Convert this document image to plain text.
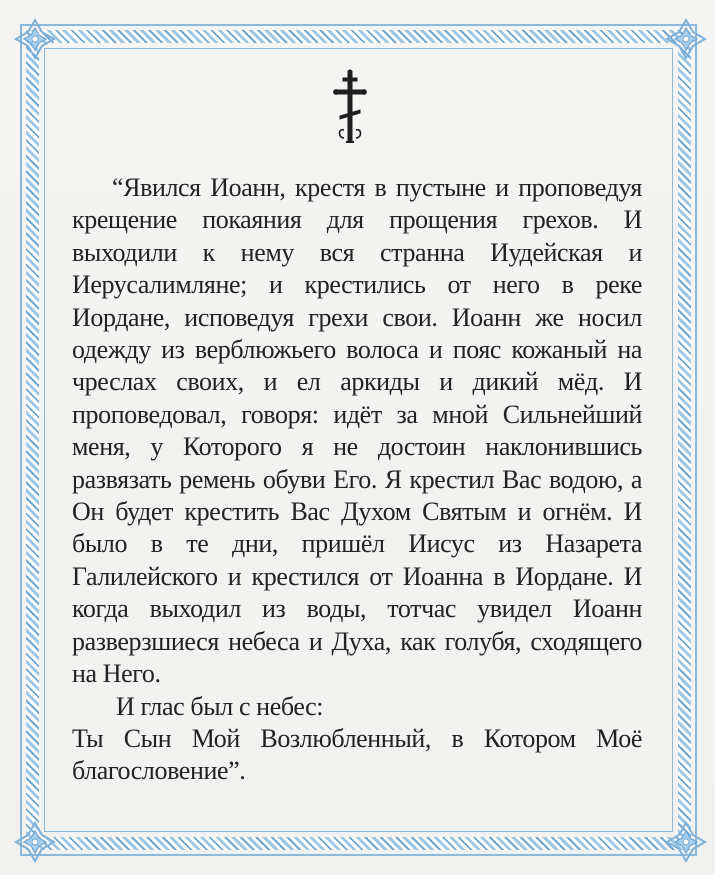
“Явился Иоанн, крестя в пустыне и проповедуя крещение покаяния для прощения грехов. И выходили к нему вся странна Иудейская и Иерусалимляне; и крестились от него в реке Иордане, исповедуя грехи свои. Иоанн же носил одежду из верблюжьего волоса и пояс кожаный на чреслах своих, и ел аркиды и дикий мёд. И проповедовал, говоря: идёт за мной Сильнейший меня, у Которого я не достоин наклонившись развязать ремень обуви Его. Я крестил Вас водою, а Он будет крестить Вас Духом Святым и огнём. И было в те дни, пришёл Иисус из Назарета Галилейского и крестился от Иоанна в Иордане. И когда выходил из воды, тотчас увидел Иоанн разверзшиеся небеса и Духа, как голубя, сходящего на Него.

И глас был с небес:

Ты Сын Мой Возлюбленный, в Котором Моё благословение”.
